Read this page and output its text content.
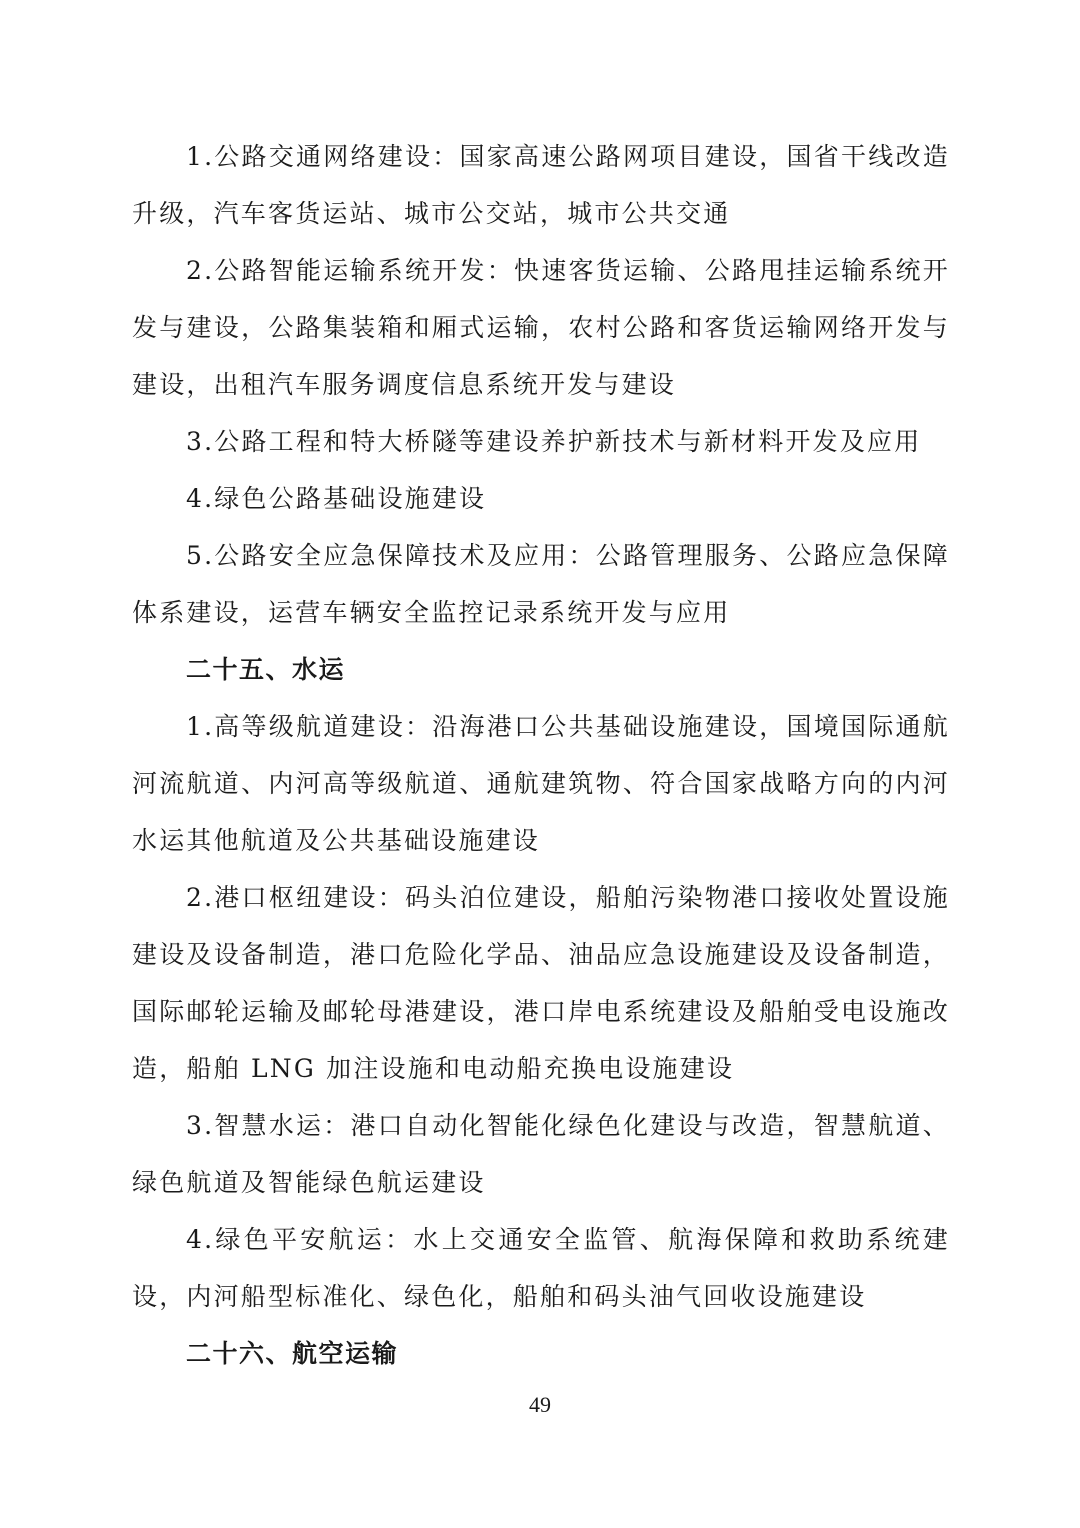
1.公路交通网络建设：国家高速公路网项目建设，国省干线改造升级，汽车客货运站、城市公交站，城市公共交通

2.公路智能运输系统开发：快速客货运输、公路甩挂运输系统开发与建设，公路集装箱和厢式运输，农村公路和客货运输网络开发与建设，出租汽车服务调度信息系统开发与建设

3.公路工程和特大桥隧等建设养护新技术与新材料开发及应用

4.绿色公路基础设施建设

5.公路安全应急保障技术及应用：公路管理服务、公路应急保障体系建设，运营车辆安全监控记录系统开发与应用

二十五、水运

1.高等级航道建设：沿海港口公共基础设施建设，国境国际通航河流航道、内河高等级航道、通航建筑物、符合国家战略方向的内河水运其他航道及公共基础设施建设

2.港口枢纽建设：码头泊位建设，船舶污染物港口接收处置设施建设及设备制造，港口危险化学品、油品应急设施建设及设备制造，国际邮轮运输及邮轮母港建设，港口岸电系统建设及船舶受电设施改造，船舶 LNG 加注设施和电动船充换电设施建设

3.智慧水运：港口自动化智能化绿色化建设与改造，智慧航道、绿色航道及智能绿色航运建设

4.绿色平安航运：水上交通安全监管、航海保障和救助系统建设，内河船型标准化、绿色化，船舶和码头油气回收设施建设

二十六、航空运输

49
